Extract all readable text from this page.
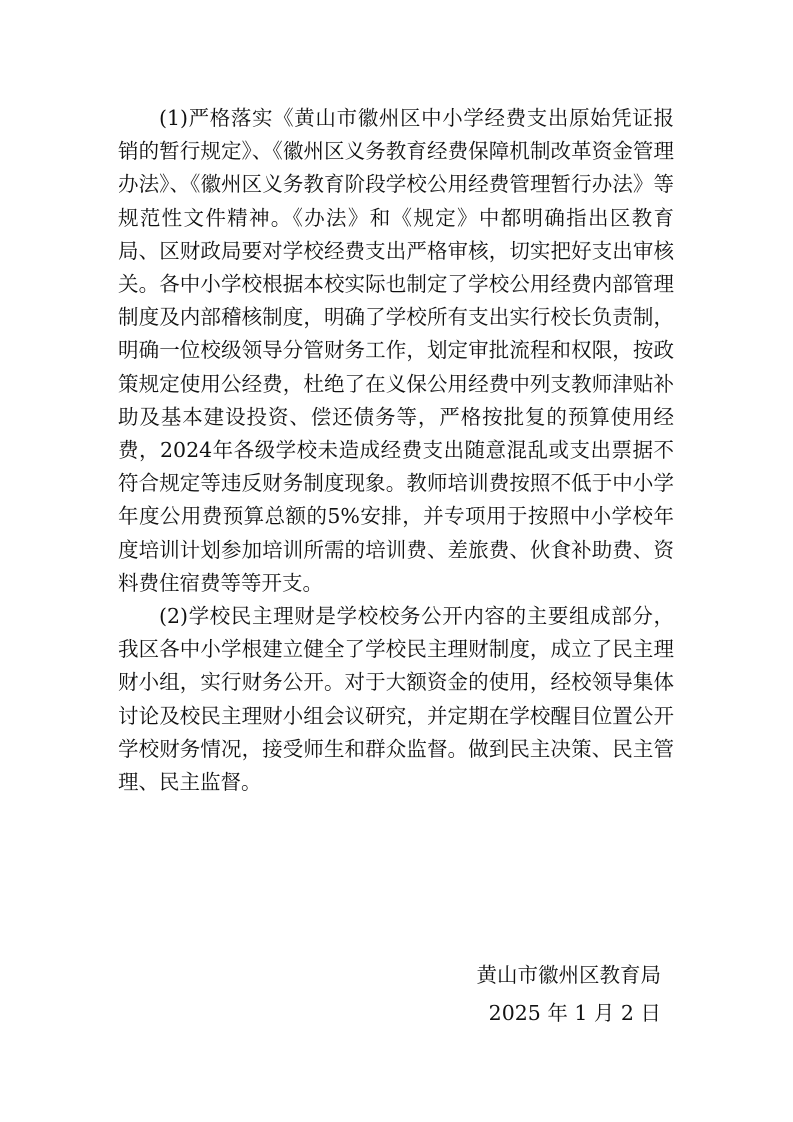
(1)严格落实《黄山市徽州区中小学经费支出原始凭证报销的暂行规定》、《徽州区义务教育经费保障机制改革资金管理办法》、《徽州区义务教育阶段学校公用经费管理暂行办法》等规范性文件精神。《办法》和《规定》中都明确指出区教育局、区财政局要对学校经费支出严格审核，切实把好支出审核关。各中小学校根据本校实际也制定了学校公用经费内部管理制度及内部稽核制度，明确了学校所有支出实行校长负责制，明确一位校级领导分管财务工作，划定审批流程和权限，按政策规定使用公经费，杜绝了在义保公用经费中列支教师津贴补助及基本建设投资、偿还债务等，严格按批复的预算使用经费，2024年各级学校未造成经费支出随意混乱或支出票据不符合规定等违反财务制度现象。教师培训费按照不低于中小学年度公用费预算总额的5%安排，并专项用于按照中小学校年度培训计划参加培训所需的培训费、差旅费、伙食补助费、资料费住宿费等等开支。

(2)学校民主理财是学校校务公开内容的主要组成部分，我区各中小学根建立健全了学校民主理财制度，成立了民主理财小组，实行财务公开。对于大额资金的使用，经校领导集体讨论及校民主理财小组会议研究，并定期在学校醒目位置公开学校财务情况，接受师生和群众监督。做到民主决策、民主管理、民主监督。

黄山市徽州区教育局
2025 年 1 月 2 日
